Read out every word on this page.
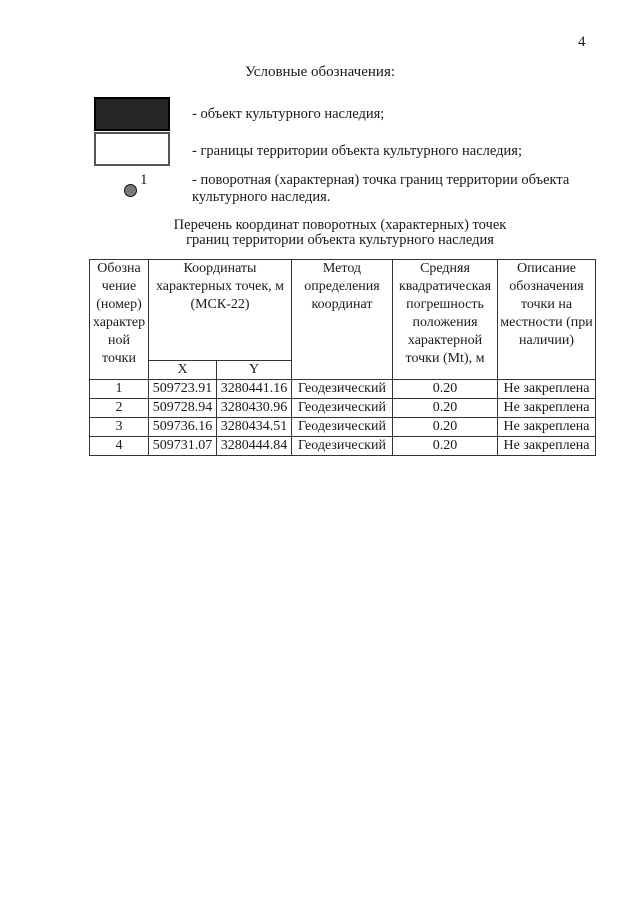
4
Условные обозначения:
- объект культурного наследия;
- границы территории объекта культурного наследия;
1	- поворотная (характерная) точка границ территории объекта культурного наследия.
Перечень координат поворотных (характерных) точек
границ территории объекта культурного наследия
Обозна чение (номер) характер ной точки	Координаты характерных точек, м (МСК-22)		Метод определения координат	Средняя квадратическая погрешность положения характерной точки (Mt), м	Описание обозначения точки на местности (при наличии)
	X	Y			
1	509723.91	3280441.16	Геодезический	0.20	Не закреплена
2	509728.94	3280430.96	Геодезический	0.20	Не закреплена
3	509736.16	3280434.51	Геодезический	0.20	Не закреплена
4	509731.07	3280444.84	Геодезический	0.20	Не закреплена
